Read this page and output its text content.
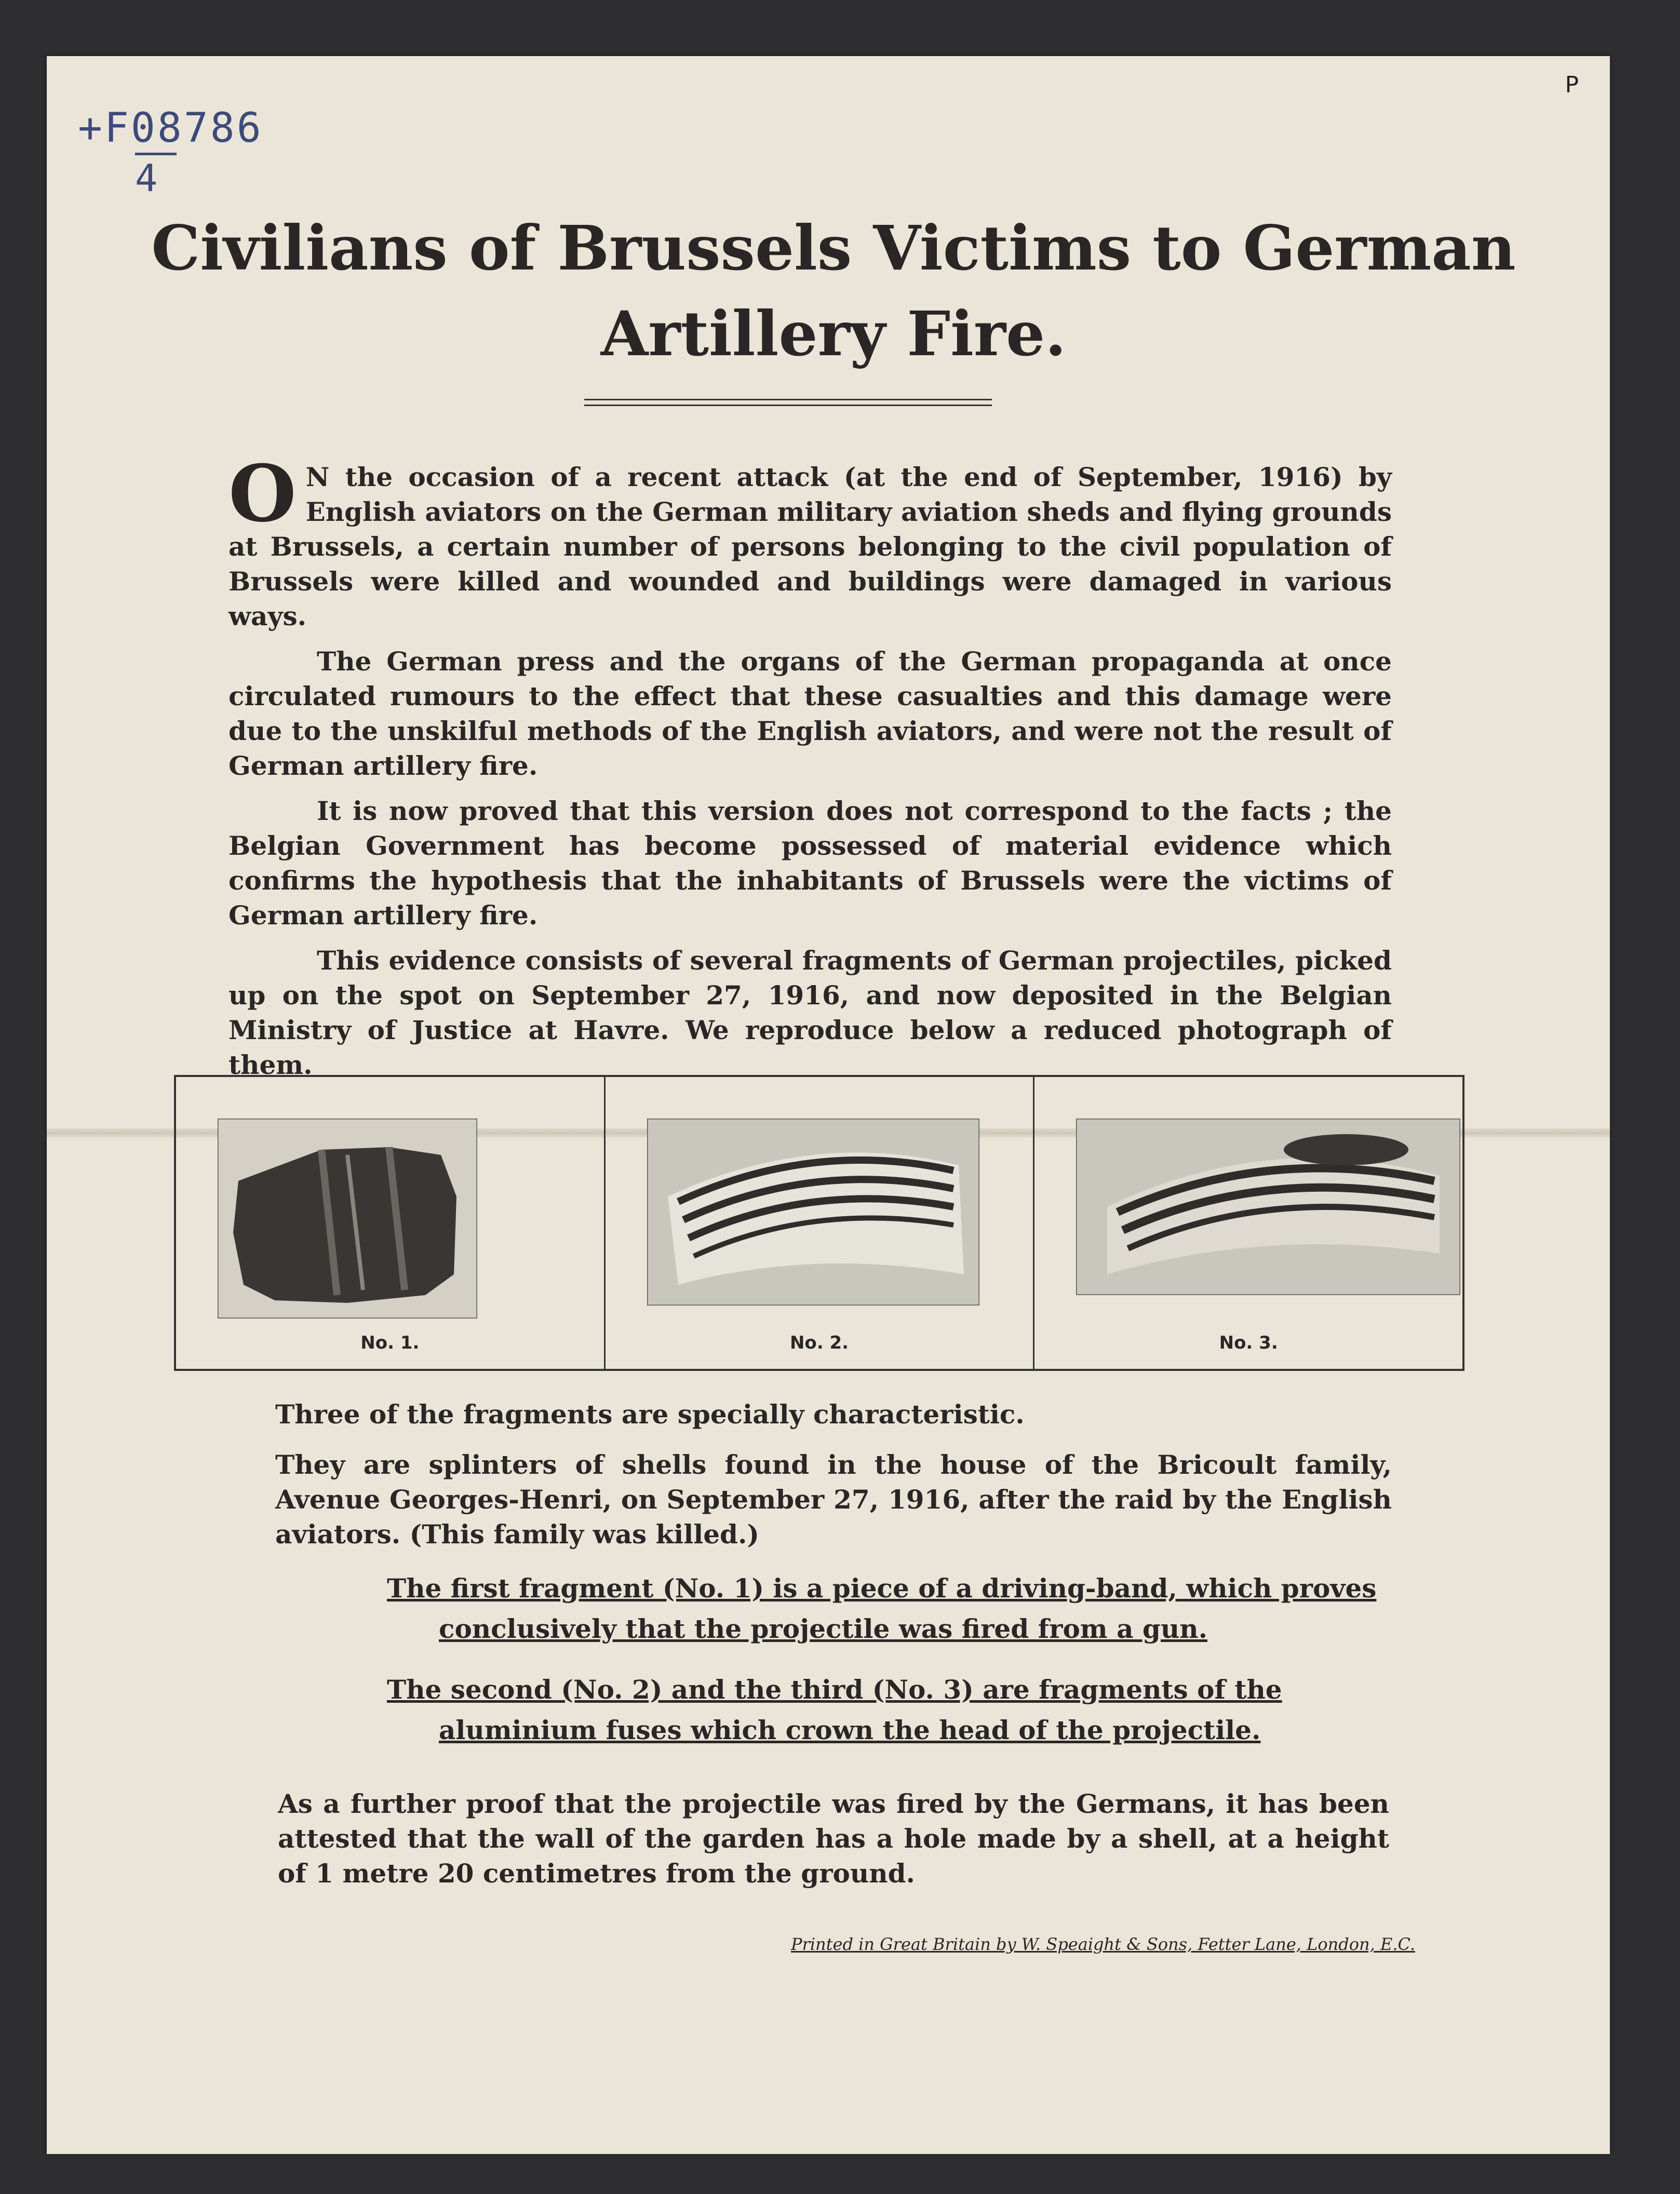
P
+F08786
4
Civilians of Brussels Victims to German Artillery Fire.

O N the occasion of a recent attack (at the end of September, 1916) by English aviators on the German military aviation sheds and flying grounds at Brussels, a certain number of persons belonging to the civil population of Brussels were killed and wounded and buildings were damaged in various ways.

The German press and the organs of the German propaganda at once circulated rumours to the effect that these casualties and this damage were due to the unskilful methods of the English aviators, and were not the result of German artillery fire.

It is now proved that this version does not correspond to the facts ; the Belgian Government has become possessed of material evidence which confirms the hypothesis that the inhabitants of Brussels were the victims of German artillery fire.

This evidence consists of several fragments of German projectiles, picked up on the spot on September 27, 1916, and now deposited in the Belgian Ministry of Justice at Havre. We reproduce below a reduced photograph of them.

No. 1.	No. 2.	No. 3.

Three of the fragments are specially characteristic.

They are splinters of shells found in the house of the Bricoult family, Avenue Georges-Henri, on September 27, 1916, after the raid by the English aviators. (This family was killed.)

The first fragment (No. 1) is a piece of a driving-band, which proves
conclusively that the projectile was fired from a gun.
The second (No. 2) and the third (No. 3) are fragments of the
aluminium fuses which crown the head of the projectile.
As a further proof that the projectile was fired by the Germans, it has been attested that the wall of the garden has a hole made by a shell, at a height of 1 metre 20 centimetres from the ground.
Printed in Great Britain by W. Speaight & Sons, Fetter Lane, London, E.C.
